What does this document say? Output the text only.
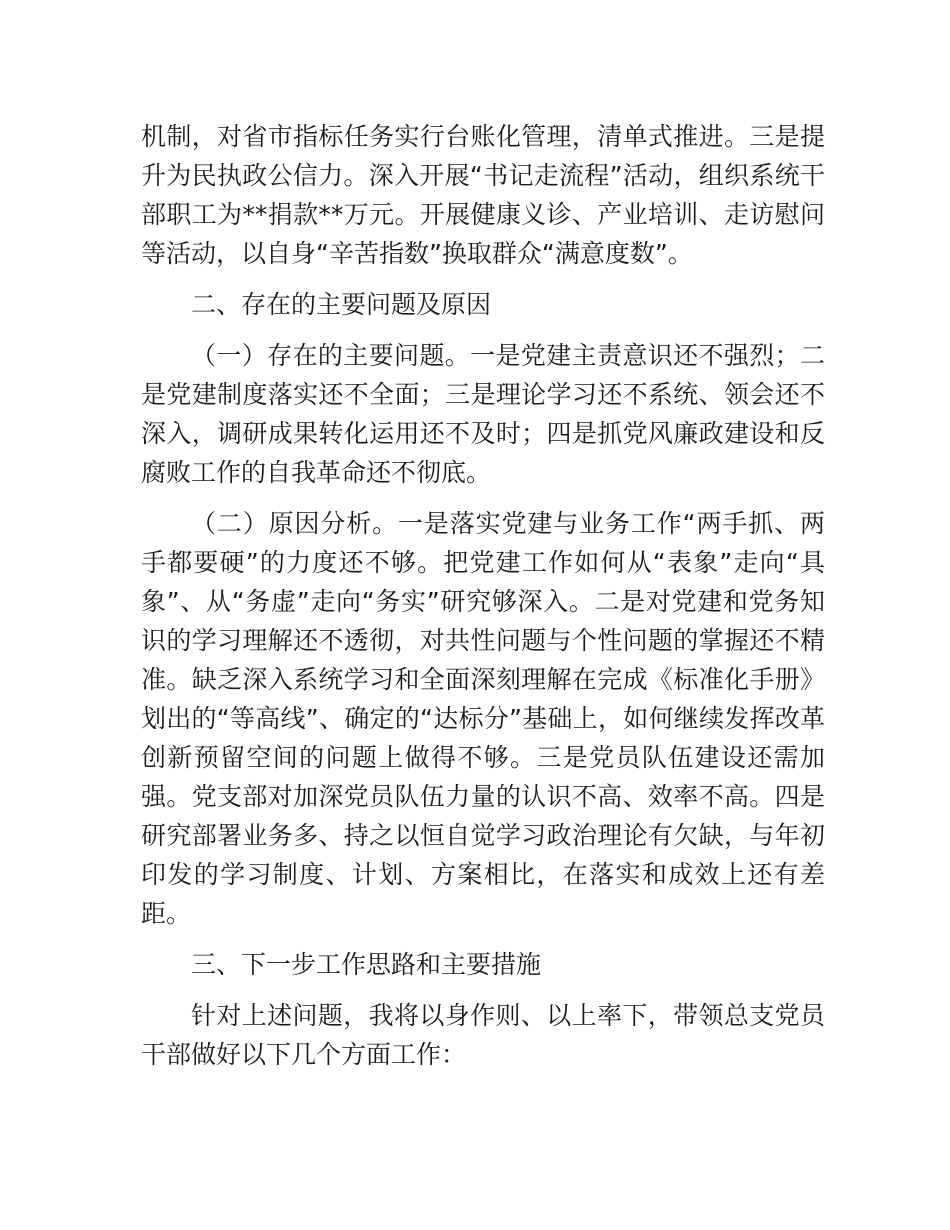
机制，对省市指标任务实行台账化管理，清单式推进。三是提升为民执政公信力。深入开展“书记走流程”活动，组织系统干部职工为**捐款**万元。开展健康义诊、产业培训、走访慰问等活动，以自身“辛苦指数”换取群众“满意度数”。

二、存在的主要问题及原因

（一）存在的主要问题。一是党建主责意识还不强烈；二是党建制度落实还不全面；三是理论学习还不系统、领会还不深入，调研成果转化运用还不及时；四是抓党风廉政建设和反腐败工作的自我革命还不彻底。

（二）原因分析。一是落实党建与业务工作“两手抓、两手都要硬”的力度还不够。把党建工作如何从“表象”走向“具象”、从“务虚”走向“务实”研究够深入。二是对党建和党务知识的学习理解还不透彻，对共性问题与个性问题的掌握还不精准。缺乏深入系统学习和全面深刻理解在完成《标准化手册》划出的“等高线”、确定的“达标分”基础上，如何继续发挥改革创新预留空间的问题上做得不够。三是党员队伍建设还需加强。党支部对加深党员队伍力量的认识不高、效率不高。四是研究部署业务多、持之以恒自觉学习政治理论有欠缺，与年初印发的学习制度、计划、方案相比，在落实和成效上还有差距。

三、下一步工作思路和主要措施

针对上述问题，我将以身作则、以上率下，带领总支党员干部做好以下几个方面工作：
